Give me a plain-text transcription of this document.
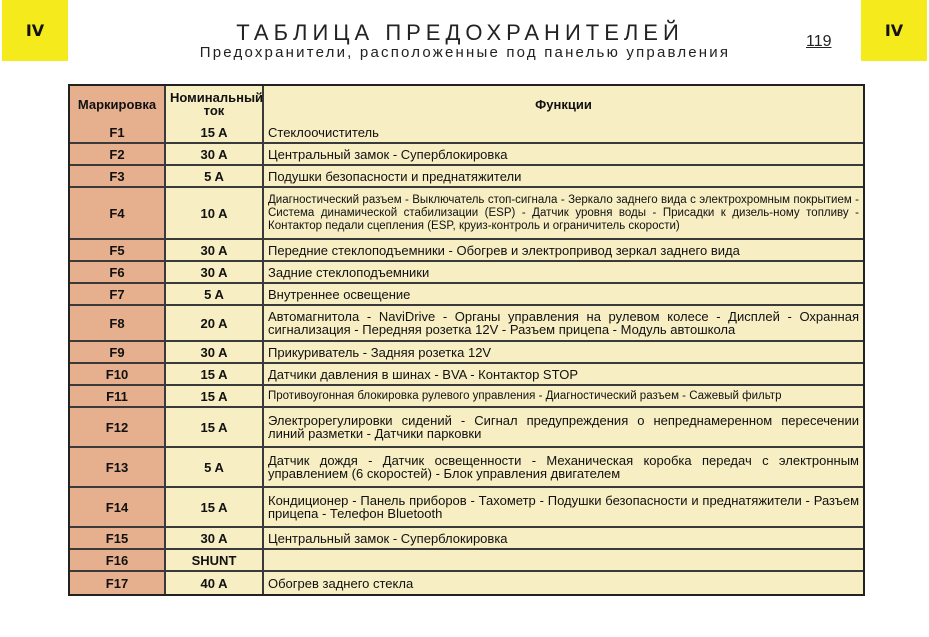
IV	IV
ТАБЛИЦА ПРЕДОХРАНИТЕЛЕЙ
Предохранители, расположенные под панелью управления
119
Маркировка	Номинальный ток	Функции
F1	15 A	Стеклоочиститель
F2	30 A	Центральный замок - Суперблокировка
F3	5 A	Подушки безопасности и преднатяжители
F4	10 A	Диагностический разъем - Выключатель стоп-сигнала - Зеркало заднего вида с электрохромным покрытием - Система динамической стабилизации (ESP) - Датчик уровня воды - Присадки к дизель-ному топливу - Контактор педали сцепления (ESP, круиз-контроль и ограничитель скорости)
F5	30 A	Передние стеклоподъемники - Обогрев и электропривод зеркал заднего вида
F6	30 A	Задние стеклоподъемники
F7	5 A	Внутреннее освещение
F8	20 A	Автомагнитола - NaviDrive - Органы управления на рулевом колесе - Дисплей - Охранная сигнализация - Передняя розетка 12V - Разъем прицепа - Модуль автошкола
F9	30 A	Прикуриватель - Задняя розетка 12V
F10	15 A	Датчики давления в шинах - BVA - Контактор STOP
F11	15 A	Противоугонная блокировка рулевого управления - Диагностический разъем - Сажевый фильтр
F12	15 A	Электрорегулировки сидений - Сигнал предупреждения о непреднамеренном пересечении линий разметки - Датчики парковки
F13	5 A	Датчик дождя - Датчик освещенности - Механическая коробка передач с электронным управлением (6 скоростей) - Блок управления двигателем
F14	15 A	Кондиционер - Панель приборов - Тахометр - Подушки безопасности и преднатяжители - Разъем прицепа - Телефон Bluetooth
F15	30 A	Центральный замок - Суперблокировка
F16	SHUNT	
F17	40 A	Обогрев заднего стекла
